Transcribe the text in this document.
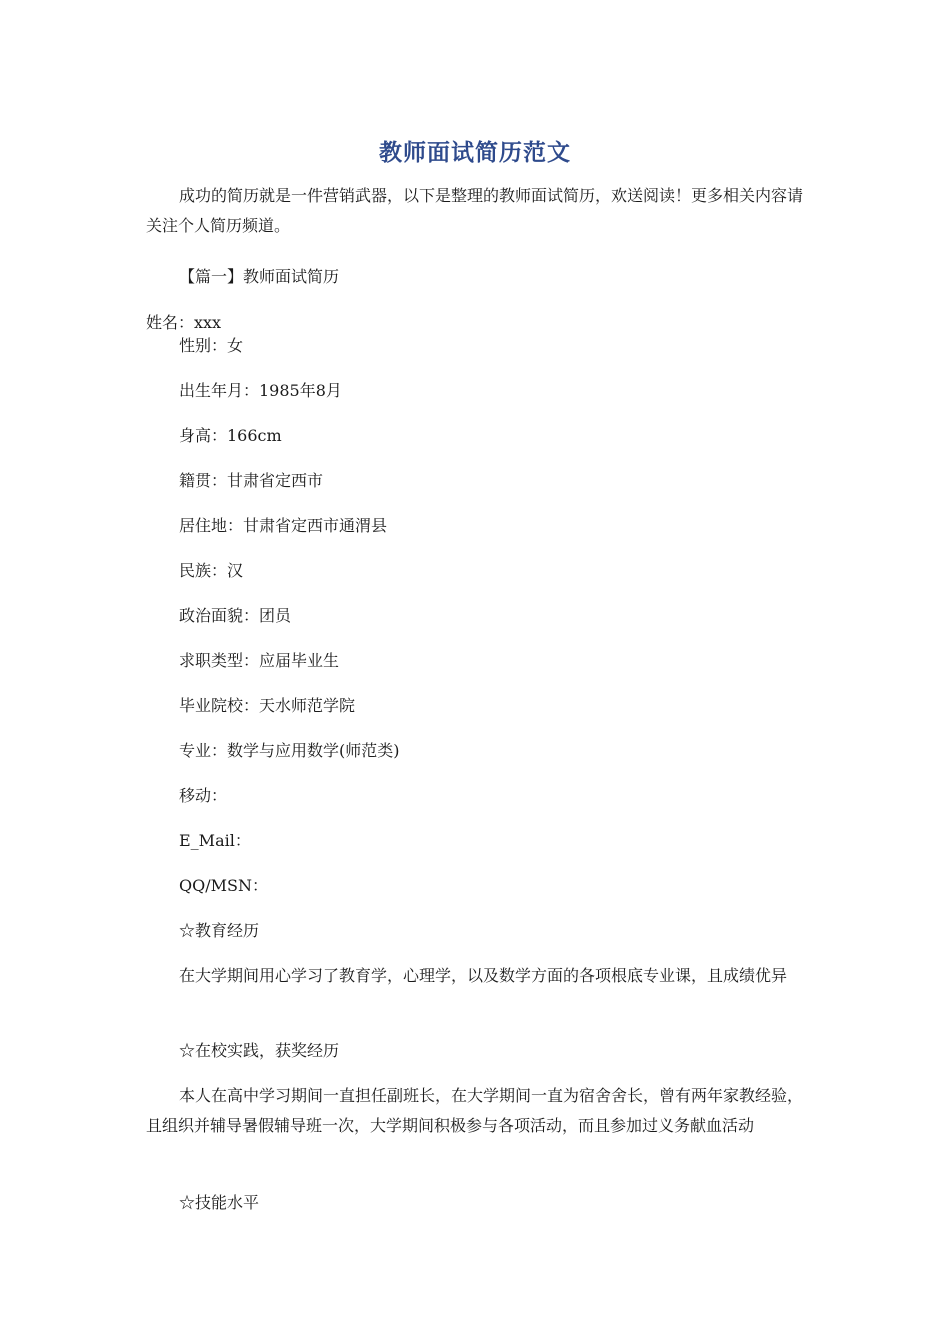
教师面试简历范文
成功的简历就是一件营销武器，以下是整理的教师面试简历，欢送阅读！更多相关内容请关注个人简历频道。
【篇一】教师面试简历
姓名：xxx
性别：女
出生年月：1985年8月
身高：166cm
籍贯：甘肃省定西市
居住地：甘肃省定西市通渭县
民族：汉
政治面貌：团员
求职类型：应届毕业生
毕业院校：天水师范学院
专业：数学与应用数学(师范类)
移动：
E_Mail：
QQ/MSN：
☆教育经历
在大学期间用心学习了教育学，心理学，以及数学方面的各项根底专业课，且成绩优异
☆在校实践，获奖经历
本人在高中学习期间一直担任副班长，在大学期间一直为宿舍舍长，曾有两年家教经验，且组织并辅导暑假辅导班一次，大学期间积极参与各项活动，而且参加过义务献血活动
☆技能水平
